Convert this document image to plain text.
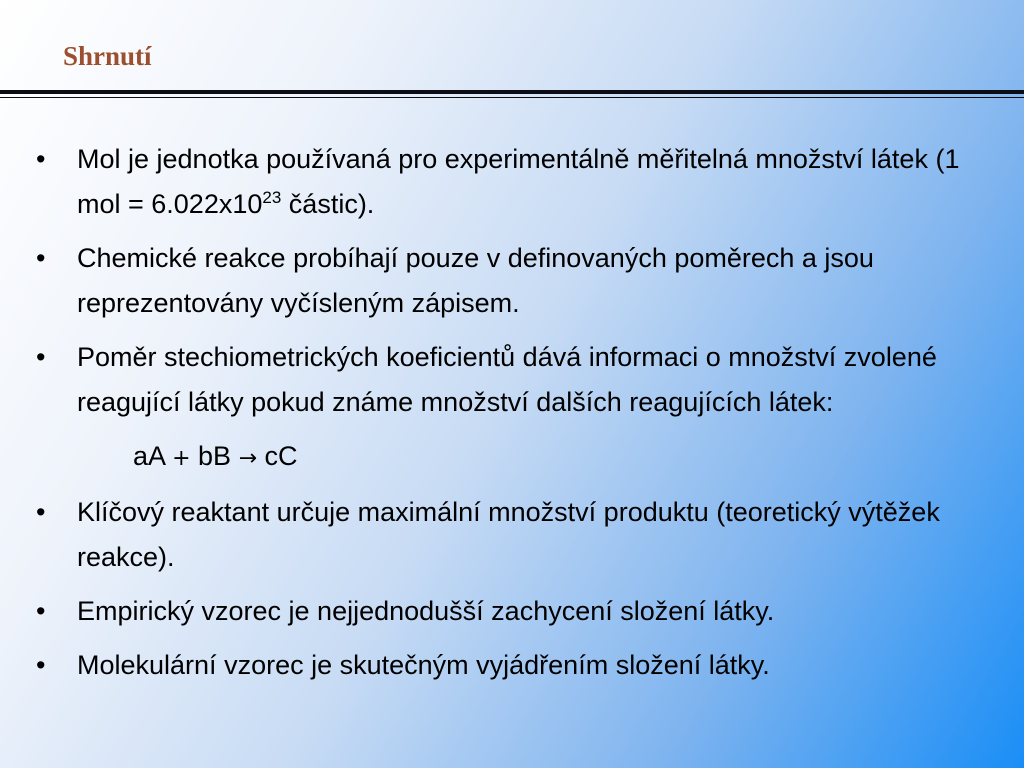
Shrnutí
• Mol je jednotka používaná pro experimentálně měřitelná množství látek (1 mol = $6.022x10^{23}$ částic).
• Chemické reakce probíhají pouze v definovaných poměrech a jsou reprezentovány vyčísleným zápisem.
• Poměr stechiometrických koeficientů dává informaci o množství zvolené reagující látky pokud známe množství dalších reagujících látek:
aA + bB → cC
• Klíčový reaktant určuje maximální množství produktu (teoretický výtěžek reakce).
• Empirický vzorec je nejjednodušší zachycení složení látky.
• Molekulární vzorec je skutečným vyjádřením složení látky.
